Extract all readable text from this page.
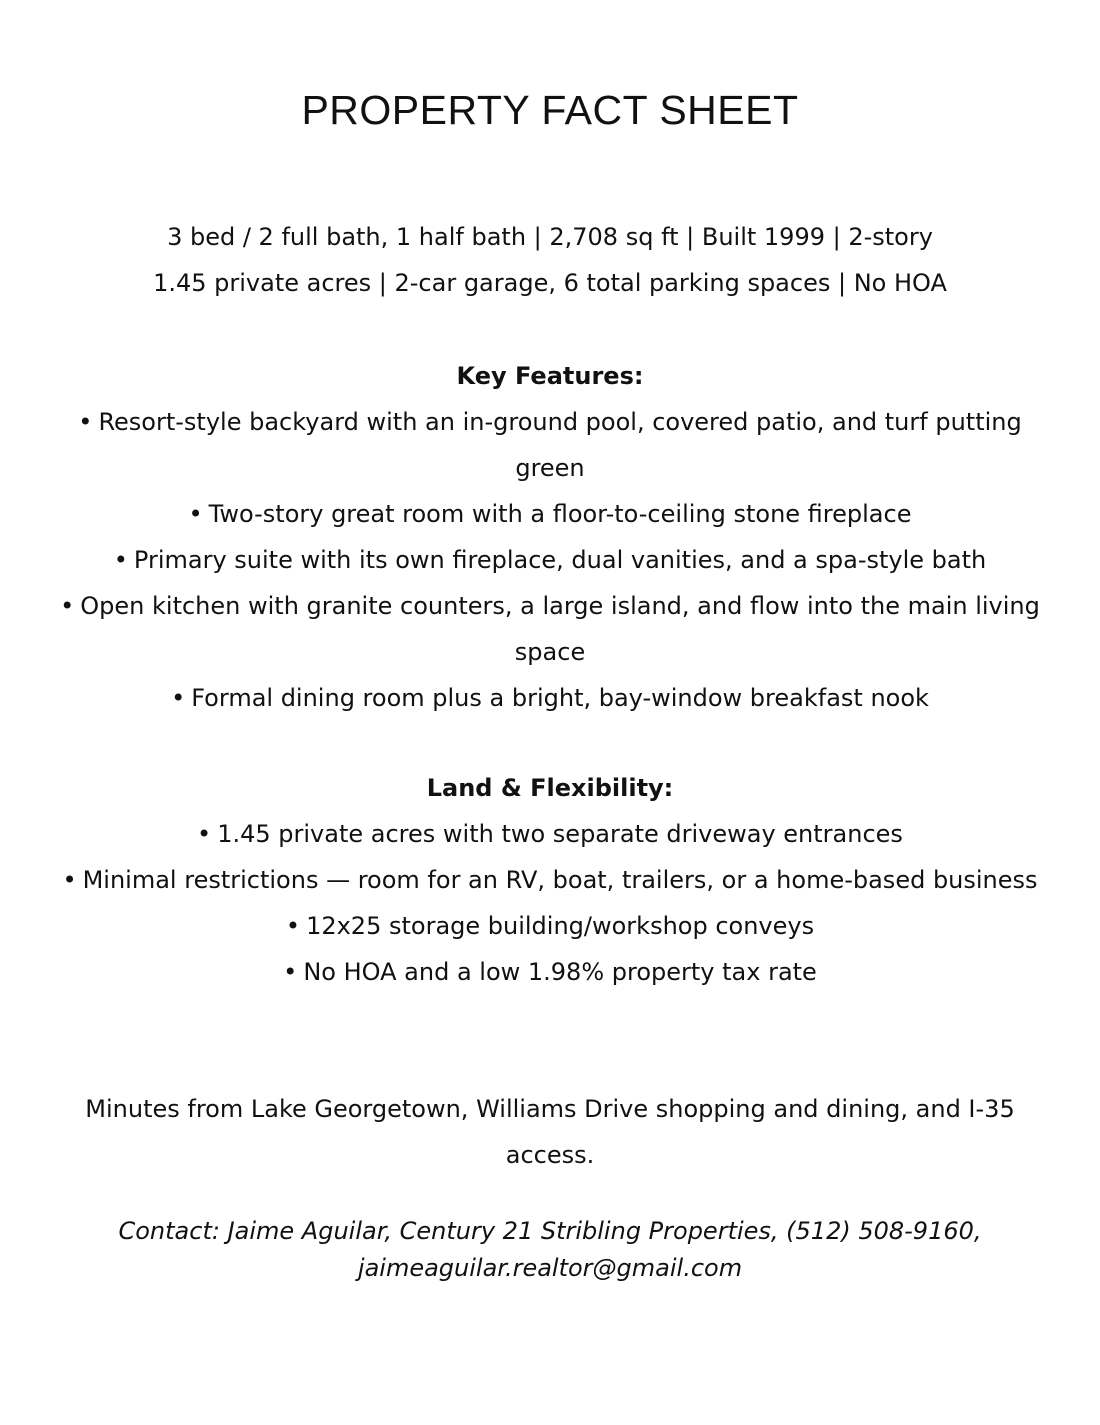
PROPERTY FACT SHEET
3 bed / 2 full bath, 1 half bath | 2,708 sq ft | Built 1999 | 2-story
1.45 private acres | 2-car garage, 6 total parking spaces | No HOA
Key Features:
• Resort-style backyard with an in-ground pool, covered patio, and turf putting green
• Two-story great room with a floor-to-ceiling stone fireplace
• Primary suite with its own fireplace, dual vanities, and a spa-style bath
• Open kitchen with granite counters, a large island, and flow into the main living space
• Formal dining room plus a bright, bay-window breakfast nook
Land & Flexibility:
• 1.45 private acres with two separate driveway entrances
• Minimal restrictions — room for an RV, boat, trailers, or a home-based business
• 12x25 storage building/workshop conveys
• No HOA and a low 1.98% property tax rate
Minutes from Lake Georgetown, Williams Drive shopping and dining, and I-35 access.
Contact: Jaime Aguilar, Century 21 Stribling Properties, (512) 508-9160,
jaimeaguilar.realtor@gmail.com
